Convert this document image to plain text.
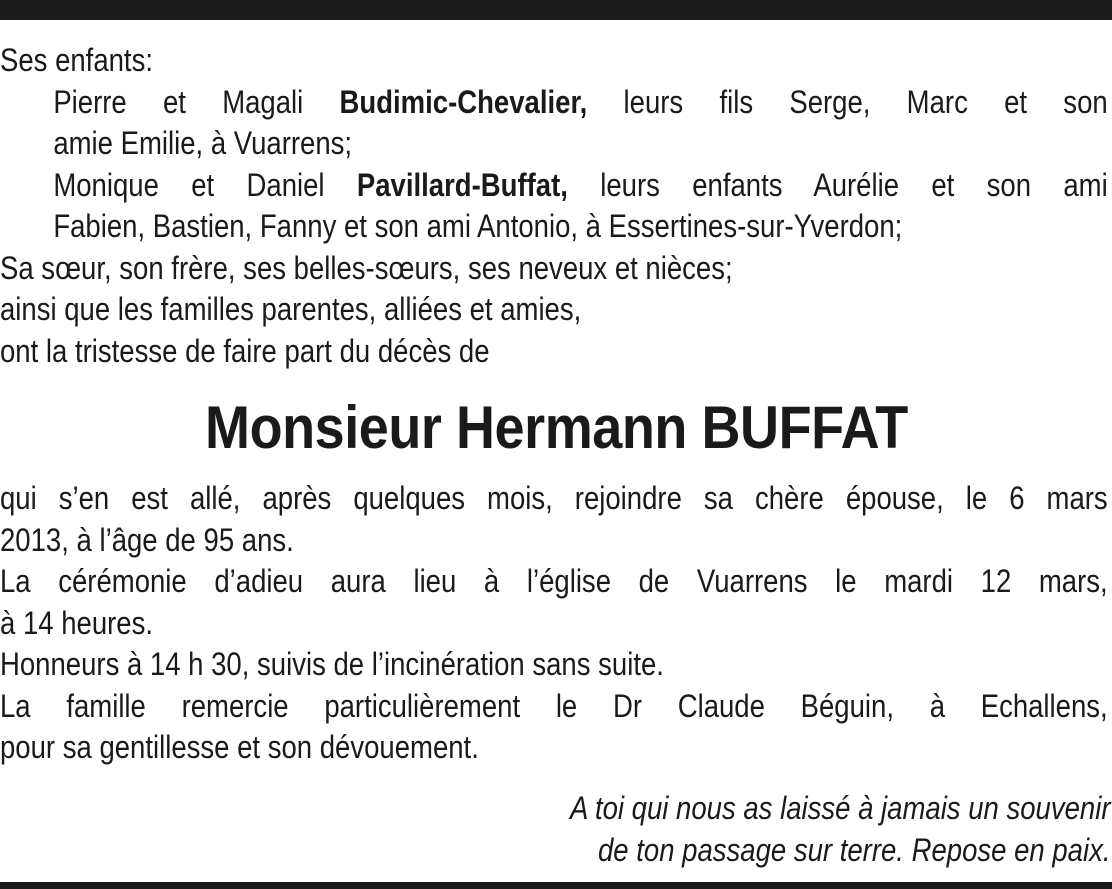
Ses enfants:
Pierre et Magali Budimic-Chevalier, leurs fils Serge, Marc et son
amie Emilie, à Vuarrens;
Monique et Daniel Pavillard-Buffat, leurs enfants Aurélie et son ami
Fabien, Bastien, Fanny et son ami Antonio, à Essertines-sur-Yverdon;
Sa sœur, son frère, ses belles-sœurs, ses neveux et nièces;
ainsi que les familles parentes, alliées et amies,
ont la tristesse de faire part du décès de
Monsieur Hermann BUFFAT
qui s’en est allé, après quelques mois, rejoindre sa chère épouse, le 6 mars
2013, à l’âge de 95 ans.
La cérémonie d’adieu aura lieu à l’église de Vuarrens le mardi 12 mars,
à 14 heures.
Honneurs à 14 h 30, suivis de l’incinération sans suite.
La famille remercie particulièrement le Dr Claude Béguin, à Echallens,
pour sa gentillesse et son dévouement.
A toi qui nous as laissé à jamais un souvenir
de ton passage sur terre. Repose en paix.
